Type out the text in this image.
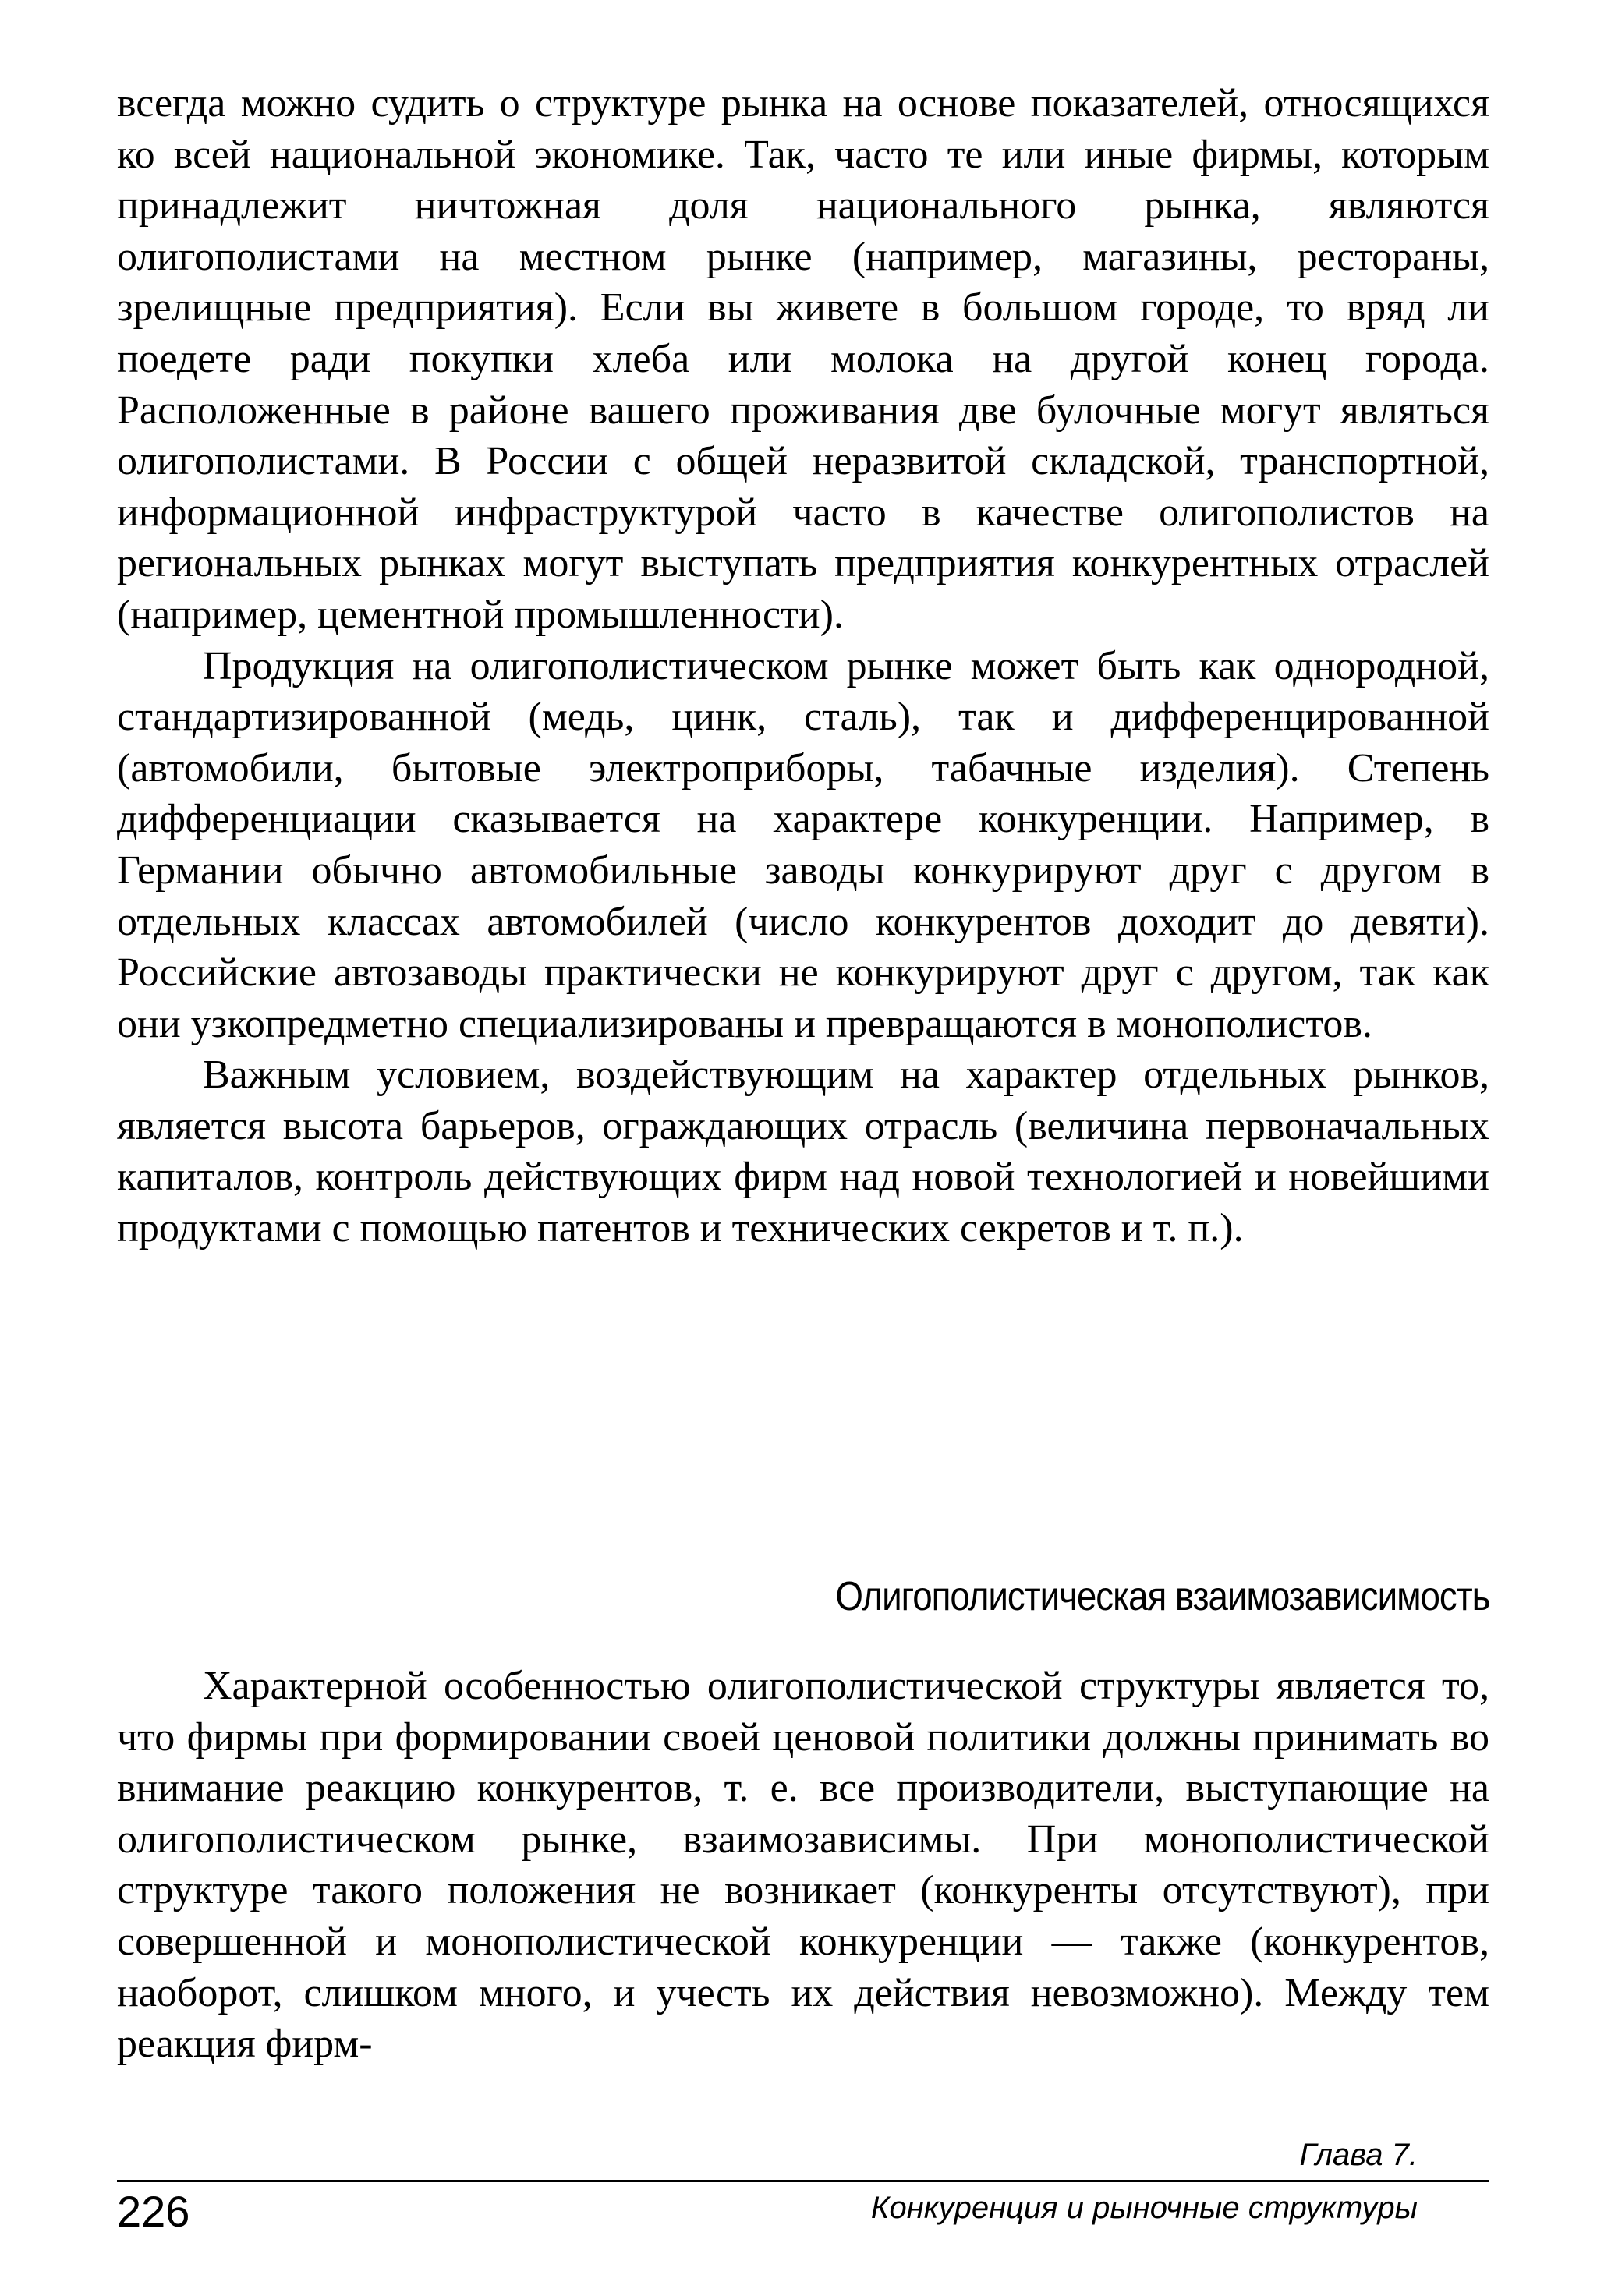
всегда можно судить о структуре рынка на основе показателей, относящихся ко всей национальной экономике. Так, часто те или иные фирмы, которым принадлежит ничтожная доля национального рынка, являются олигополистами на местном рынке (например, магазины, рестораны, зрелищные предприятия). Если вы живете в большом городе, то вряд ли поедете ради покупки хлеба или молока на другой конец города. Расположенные в районе вашего проживания две булочные могут являться олигополистами. В России с общей неразвитой складской, транспортной, информационной инфраструктурой часто в качестве олигополистов на региональных рынках могут выступать предприятия конкурентных отраслей (например, цементной промышленности).

Продукция на олигополистическом рынке может быть как однородной, стандартизированной (медь, цинк, сталь), так и дифференцированной (автомобили, бытовые электроприборы, табачные изделия). Степень дифференциации сказывается на характере конкуренции. Например, в Германии обычно автомобильные заводы конкурируют друг с другом в отдельных классах автомобилей (число конкурентов доходит до девяти). Российские автозаводы практически не конкурируют друг с другом, так как они узкопредметно специализированы и превращаются в монополистов.

Важным условием, воздействующим на характер отдельных рынков, является высота барьеров, ограждающих отрасль (величина первоначальных капиталов, контроль действующих фирм над новой технологией и новейшими продуктами с помощью патентов и технических секретов и т. п.).

Олигополистическая взаимозависимость

Характерной особенностью олигополистической структуры является то, что фирмы при формировании своей ценовой политики должны принимать во внимание реакцию конкурентов, т. е. все производители, выступающие на олигополистическом рынке, взаимозависимы. При монополистической структуре такого положения не возникает (конкуренты отсутствуют), при совершенной и монополистической конкуренции — также (конкурентов, наоборот, слишком много, и учесть их действия невозможно). Между тем реакция фирм-

Глава 7.
226	Конкуренция и рыночные структуры
